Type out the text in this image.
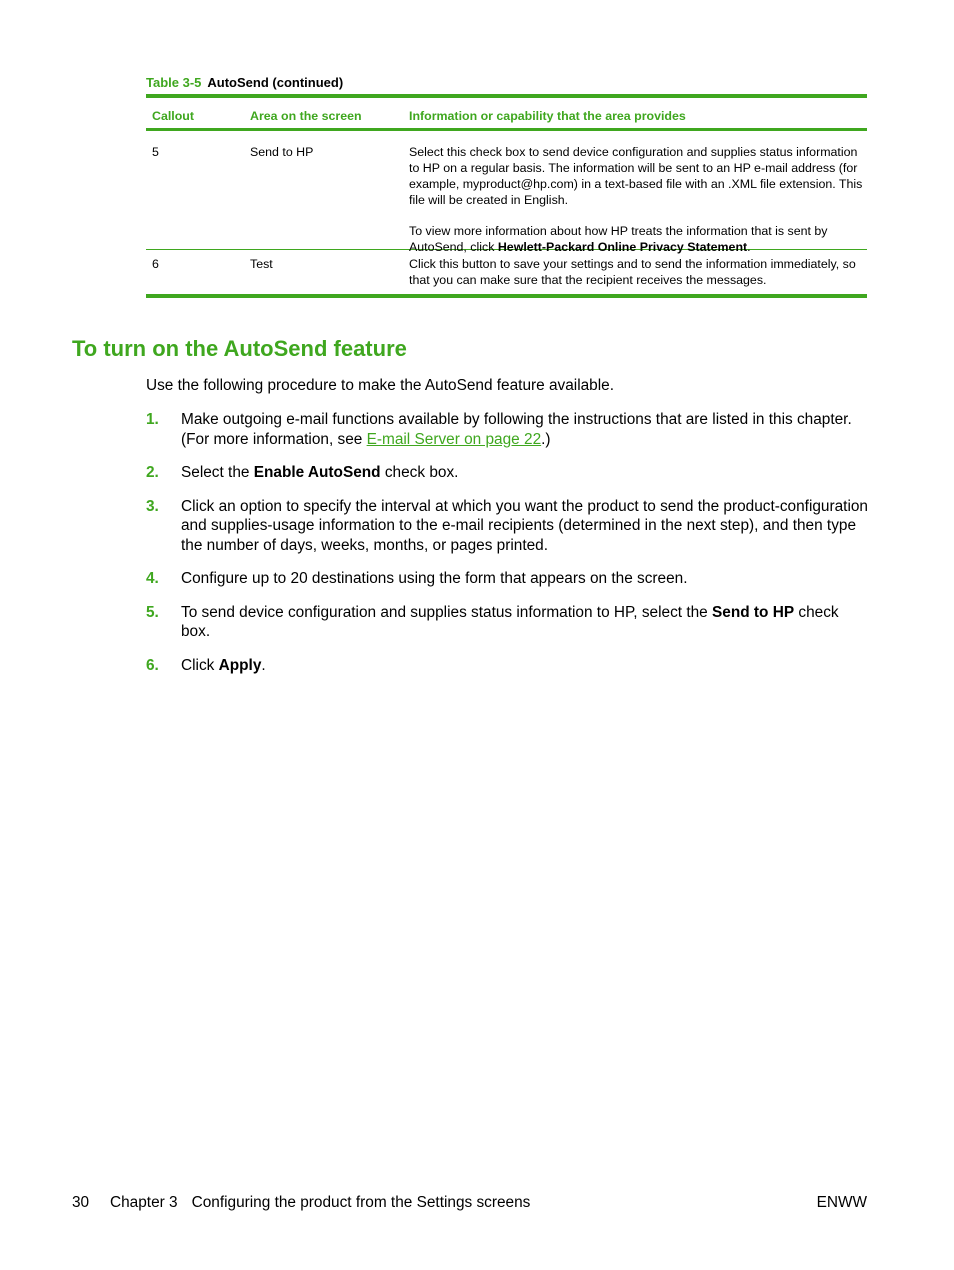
Table 3-5 AutoSend (continued)
Callout	Area on the screen	Information or capability that the area provides
5	Send to HP	Select this check box to send device configuration and supplies status information to HP on a regular basis. The information will be sent to an HP e-mail address (for example, myproduct@hp.com) in a text-based file with an .XML file extension. This file will be created in English.

To view more information about how HP treats the information that is sent by AutoSend, click Hewlett-Packard Online Privacy Statement.

6	Test	Click this button to save your settings and to send the information immediately, so that you can make sure that the recipient receives the messages.
To turn on the AutoSend feature

Use the following procedure to make the AutoSend feature available.

1. Make outgoing e-mail functions available by following the instructions that are listed in this chapter. (For more information, see E-mail Server on page 22.)
2. Select the Enable AutoSend check box.
3. Click an option to specify the interval at which you want the product to send the product-configuration and supplies-usage information to the e-mail recipients (determined in the next step), and then type the number of days, weeks, months, or pages printed.
4. Configure up to 20 destinations using the form that appears on the screen.
5. To send device configuration and supplies status information to HP, select the Send to HP check box.
6. Click Apply.
30 Chapter 3 Configuring the product from the Settings screens	ENWW
